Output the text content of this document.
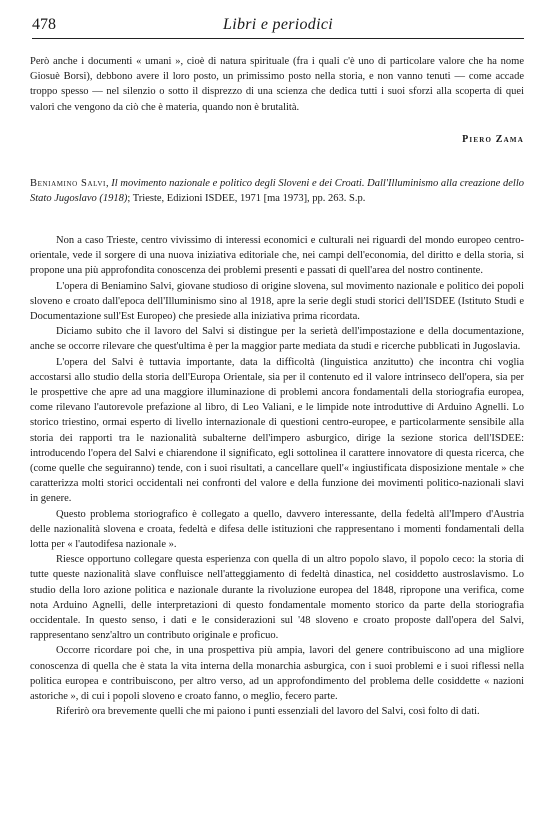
478	Libri e periodici

Però anche i documenti « umani », cioè di natura spirituale (fra i quali c'è uno di particolare valore che ha nome Giosuè Borsi), debbono avere il loro posto, un primissimo posto nella storia, e non vanno tenuti — come accade troppo spesso — nel silenzio o sotto il disprezzo di una scienza che dedica tutti i suoi sforzi alla scoperta di quei valori che vengono da ciò che è materia, quando non è brutalità.

Piero Zama
Beniamino Salvi, Il movimento nazionale e politico degli Sloveni e dei Croati. Dall'Illuminismo alla creazione dello Stato Jugoslavo (1918); Trieste, Edizioni ISDEE, 1971 [ma 1973], pp. 263. S.p.

Non a caso Trieste, centro vivissimo di interessi economici e culturali nei riguardi del mondo europeo centro-orientale, vede il sorgere di una nuova iniziativa editoriale che, nei campi dell'economia, del diritto e della storia, si propone una più approfondita conoscenza dei problemi presenti e passati di quell'area del nostro continente.

L'opera di Beniamino Salvi, giovane studioso di origine slovena, sul movimento nazionale e politico dei popoli sloveno e croato dall'epoca dell'Illuminismo sino al 1918, apre la serie degli studi storici dell'ISDEE (Istituto Studi e Documentazione sull'Est Europeo) che presiede alla iniziativa prima ricordata.

Diciamo subito che il lavoro del Salvi si distingue per la serietà dell'impostazione e della documentazione, anche se occorre rilevare che quest'ultima è per la maggior parte mediata da studi e ricerche pubblicati in Jugoslavia.

L'opera del Salvi è tuttavia importante, data la difficoltà (linguistica anzitutto) che incontra chi voglia accostarsi allo studio della storia dell'Europa Orientale, sia per il contenuto ed il valore intrinseco dell'opera, sia per le prospettive che apre ad una maggiore illuminazione di problemi ancora fondamentali della storiografia europea, come rilevano l'autorevole prefazione al libro, di Leo Valiani, e le limpide note introduttive di Arduino Agnelli. Lo storico triestino, ormai esperto di livello internazionale di questioni centro-europee, e particolarmente sensibile alla storia dei rapporti tra le nazionalità subalterne dell'impero asburgico, dirige la sezione storica dell'ISDEE: introducendo l'opera del Salvi e chiarendone il significato, egli sottolinea il carattere innovatore di questa ricerca, che (come quelle che seguiranno) tende, con i suoi risultati, a cancellare quell'« ingiustificata disposizione mentale » che caratterizza molti storici occidentali nei confronti del valore e della funzione dei movimenti politico-nazionali slavi in genere.

Questo problema storiografico è collegato a quello, davvero interessante, della fedeltà all'Impero d'Austria delle nazionalità slovena e croata, fedeltà e difesa delle istituzioni che rappresentano i momenti fondamentali della lotta per « l'autodifesa nazionale ».

Riesce opportuno collegare questa esperienza con quella di un altro popolo slavo, il popolo ceco: la storia di tutte queste nazionalità slave confluisce nell'atteggiamento di fedeltà dinastica, nel cosiddetto austroslavismo. Lo studio della loro azione politica e nazionale durante la rivoluzione europea del 1848, ripropone una verifica, come nota Arduino Agnelli, delle interpretazioni di questo fondamentale momento storico da parte della storiografia occidentale. In questo senso, i dati e le considerazioni sul '48 sloveno e croato proposte dall'opera del Salvi, rappresentano senz'altro un contributo originale e proficuo.

Occorre ricordare poi che, in una prospettiva più ampia, lavori del genere contribuiscono ad una migliore conoscenza di quella che è stata la vita interna della monarchia asburgica, con i suoi problemi e i suoi riflessi nella politica europea e contribuiscono, per altro verso, ad un approfondimento del problema delle cosiddette « nazioni astoriche », di cui i popoli sloveno e croato fanno, o meglio, fecero parte.

Riferirò ora brevemente quelli che mi paiono i punti essenziali del lavoro del Salvi, così folto di dati.
